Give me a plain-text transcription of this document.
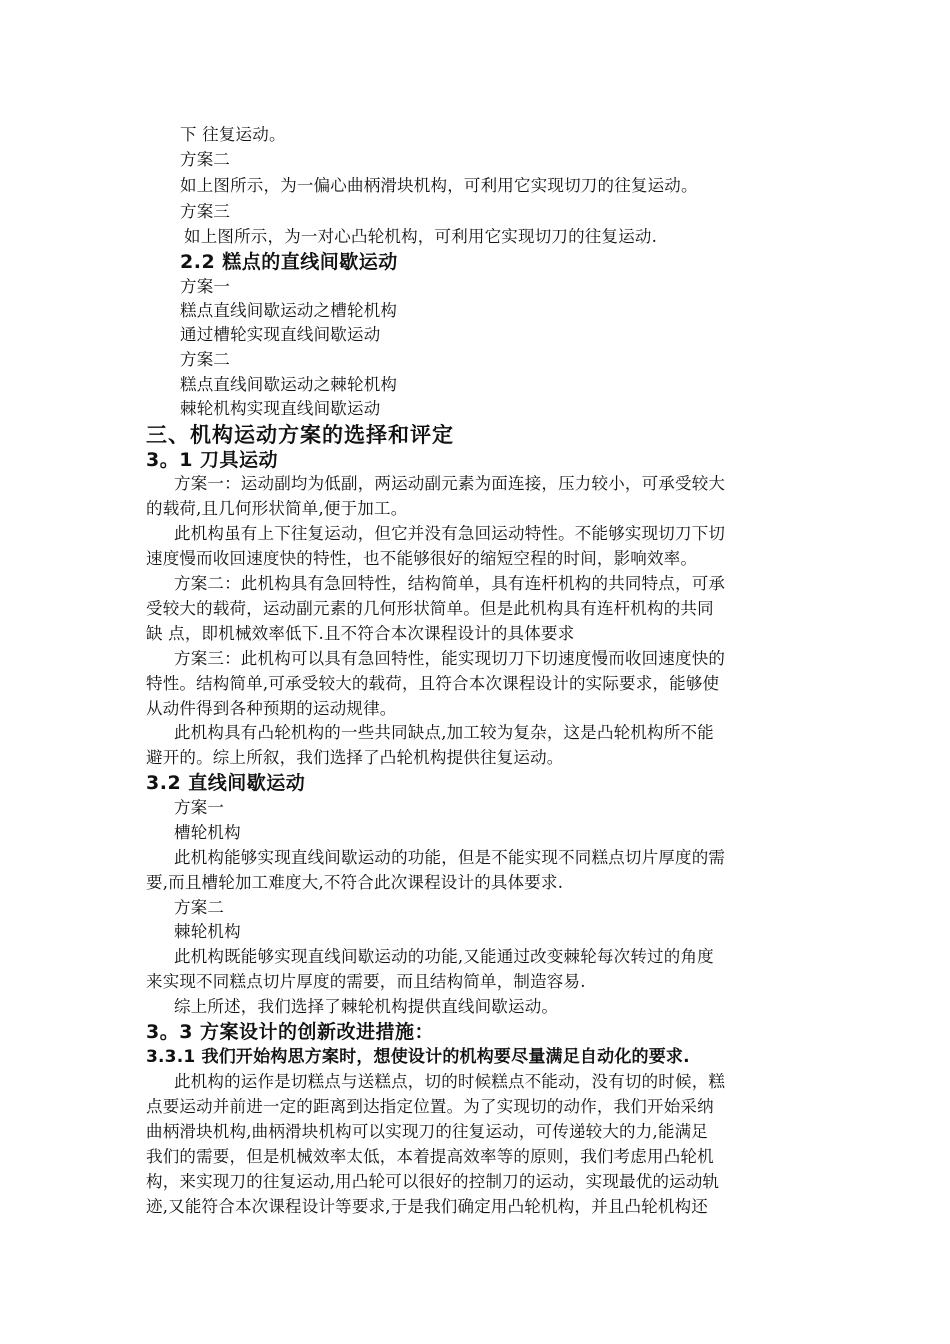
下 往复运动。
方案二
如上图所示，为一偏心曲柄滑块机构，可利用它实现切刀的往复运动。
方案三
如上图所示，为一对心凸轮机构，可利用它实现切刀的往复运动.
2.2 糕点的直线间歇运动
方案一
糕点直线间歇运动之槽轮机构
通过槽轮实现直线间歇运动
方案二
糕点直线间歇运动之棘轮机构
棘轮机构实现直线间歇运动
三、机构运动方案的选择和评定
3。1 刀具运动
方案一：运动副均为低副，两运动副元素为面连接，压力较小，可承受较大
的载荷,且几何形状简单,便于加工。
此机构虽有上下往复运动，但它并没有急回运动特性。不能够实现切刀下切
速度慢而收回速度快的特性，也不能够很好的缩短空程的时间，影响效率。
方案二：此机构具有急回特性，结构简单，具有连杆机构的共同特点，可承
受较大的载荷，运动副元素的几何形状简单。但是此机构具有连杆机构的共同
缺 点，即机械效率低下.且不符合本次课程设计的具体要求
方案三：此机构可以具有急回特性，能实现切刀下切速度慢而收回速度快的
特性。结构简单,可承受较大的载荷，且符合本次课程设计的实际要求，能够使
从动件得到各种预期的运动规律。
此机构具有凸轮机构的一些共同缺点,加工较为复杂，这是凸轮机构所不能
避开的。综上所叙，我们选择了凸轮机构提供往复运动。
3.2 直线间歇运动
方案一
槽轮机构
此机构能够实现直线间歇运动的功能，但是不能实现不同糕点切片厚度的需
要,而且槽轮加工难度大,不符合此次课程设计的具体要求.
方案二
棘轮机构
此机构既能够实现直线间歇运动的功能,又能通过改变棘轮每次转过的角度
来实现不同糕点切片厚度的需要，而且结构简单，制造容易.
综上所述，我们选择了棘轮机构提供直线间歇运动。
3。3 方案设计的创新改进措施：
3.3.1 我们开始构思方案时，想使设计的机构要尽量满足自动化的要求.
此机构的运作是切糕点与送糕点，切的时候糕点不能动，没有切的时候，糕
点要运动并前进一定的距离到达指定位置。为了实现切的动作，我们开始采纳
曲柄滑块机构,曲柄滑块机构可以实现刀的往复运动，可传递较大的力,能满足
我们的需要，但是机械效率太低，本着提高效率等的原则，我们考虑用凸轮机
构，来实现刀的往复运动,用凸轮可以很好的控制刀的运动，实现最优的运动轨
迹,又能符合本次课程设计等要求,于是我们确定用凸轮机构，并且凸轮机构还
